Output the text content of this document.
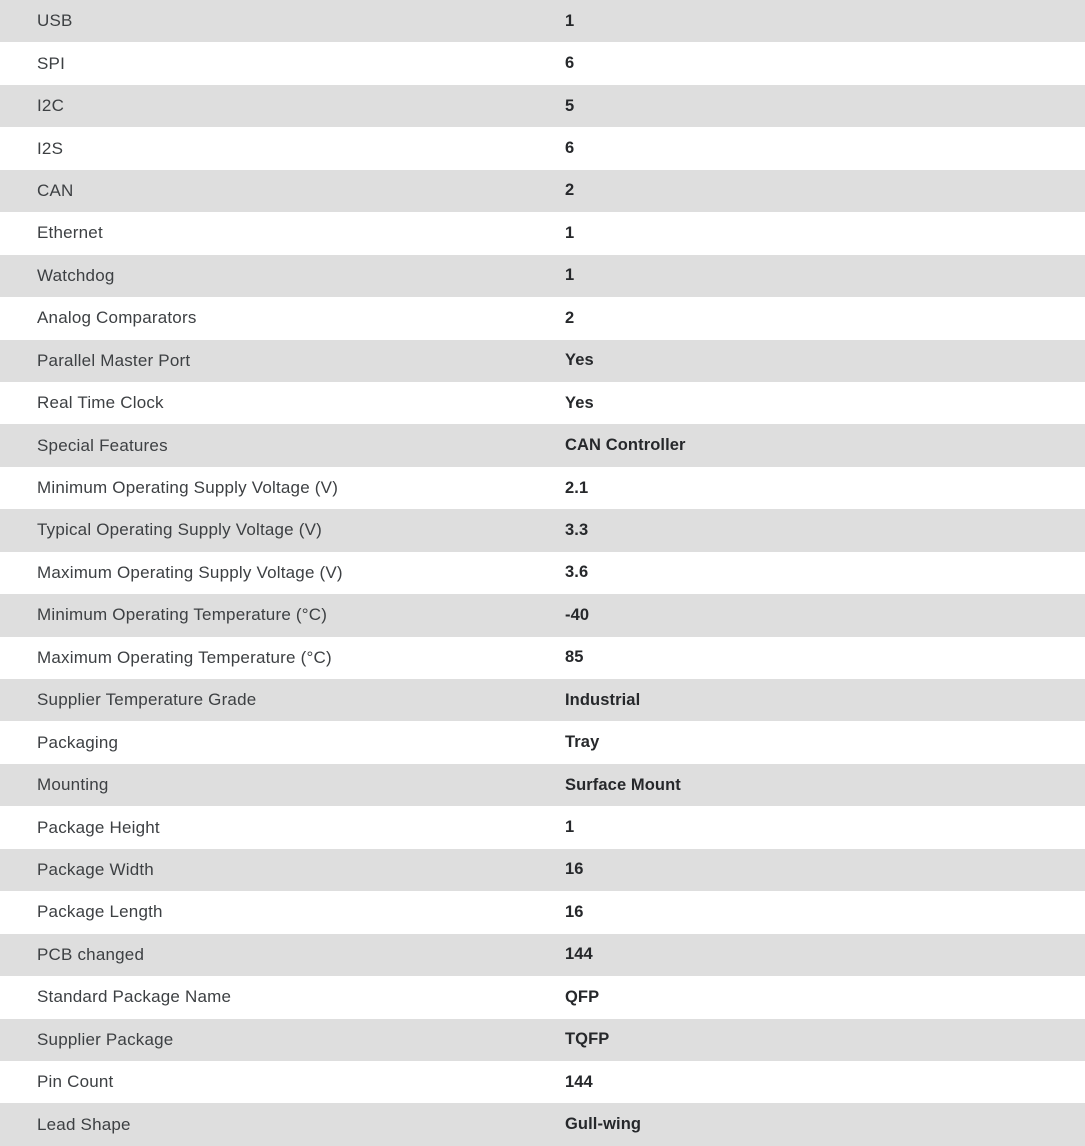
USB	1
SPI	6
I2C	5
I2S	6
CAN	2
Ethernet	1
Watchdog	1
Analog Comparators	2
Parallel Master Port	Yes
Real Time Clock	Yes
Special Features	CAN Controller
Minimum Operating Supply Voltage (V)	2.1
Typical Operating Supply Voltage (V)	3.3
Maximum Operating Supply Voltage (V)	3.6
Minimum Operating Temperature (°C)	-40
Maximum Operating Temperature (°C)	85
Supplier Temperature Grade	Industrial
Packaging	Tray
Mounting	Surface Mount
Package Height	1
Package Width	16
Package Length	16
PCB changed	144
Standard Package Name	QFP
Supplier Package	TQFP
Pin Count	144
Lead Shape	Gull-wing
